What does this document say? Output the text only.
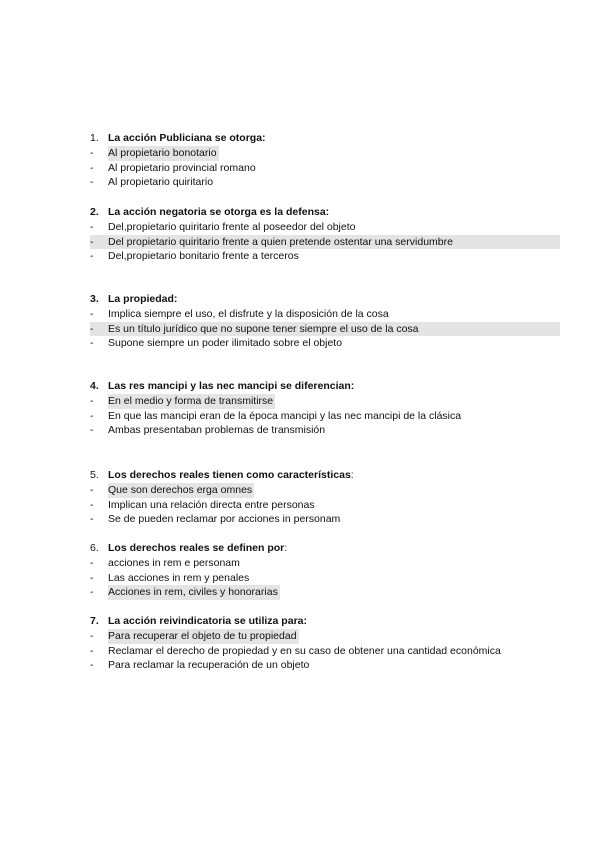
1. La acción Publiciana se otorga:
-	Al propietario bonotario
-	Al propietario provincial romano
-	Al propietario quiritario
2. La acción negatoria se otorga es la defensa:
-	Del,propietario quiritario frente al poseedor del objeto
-	Del propietario quiritario frente a quien pretende ostentar una servidumbre
-	Del,propietario bonitario frente a terceros
3. La propiedad:
-	Implica siempre el uso, el disfrute y la disposición de la cosa
-	Es un título jurídico que no supone tener siempre el uso de la cosa
-	Supone siempre un poder ilimitado sobre el objeto
4. Las res mancipi y las nec mancipi se diferencian:
-	En el medio y forma de transmitirse
-	En que las mancipi eran de la época mancipi y las nec mancipi de la clásica
-	Ambas presentaban problemas de transmisión
5. Los derechos reales tienen como características:
-	Que son derechos erga omnes
-	Implican una relación directa entre personas
-	Se de pueden reclamar por acciones in personam
6. Los derechos reales se definen por:
-	acciones in rem e personam
-	Las acciones in rem y penales
-	Acciones in rem, civiles y honorarias
7. La acción reivindicatoria se utiliza para:
-	Para recuperar el objeto de tu propiedad
-	Reclamar el derecho de propiedad y en su caso de obtener una cantidad económica
-	Para reclamar la recuperación de un objeto
